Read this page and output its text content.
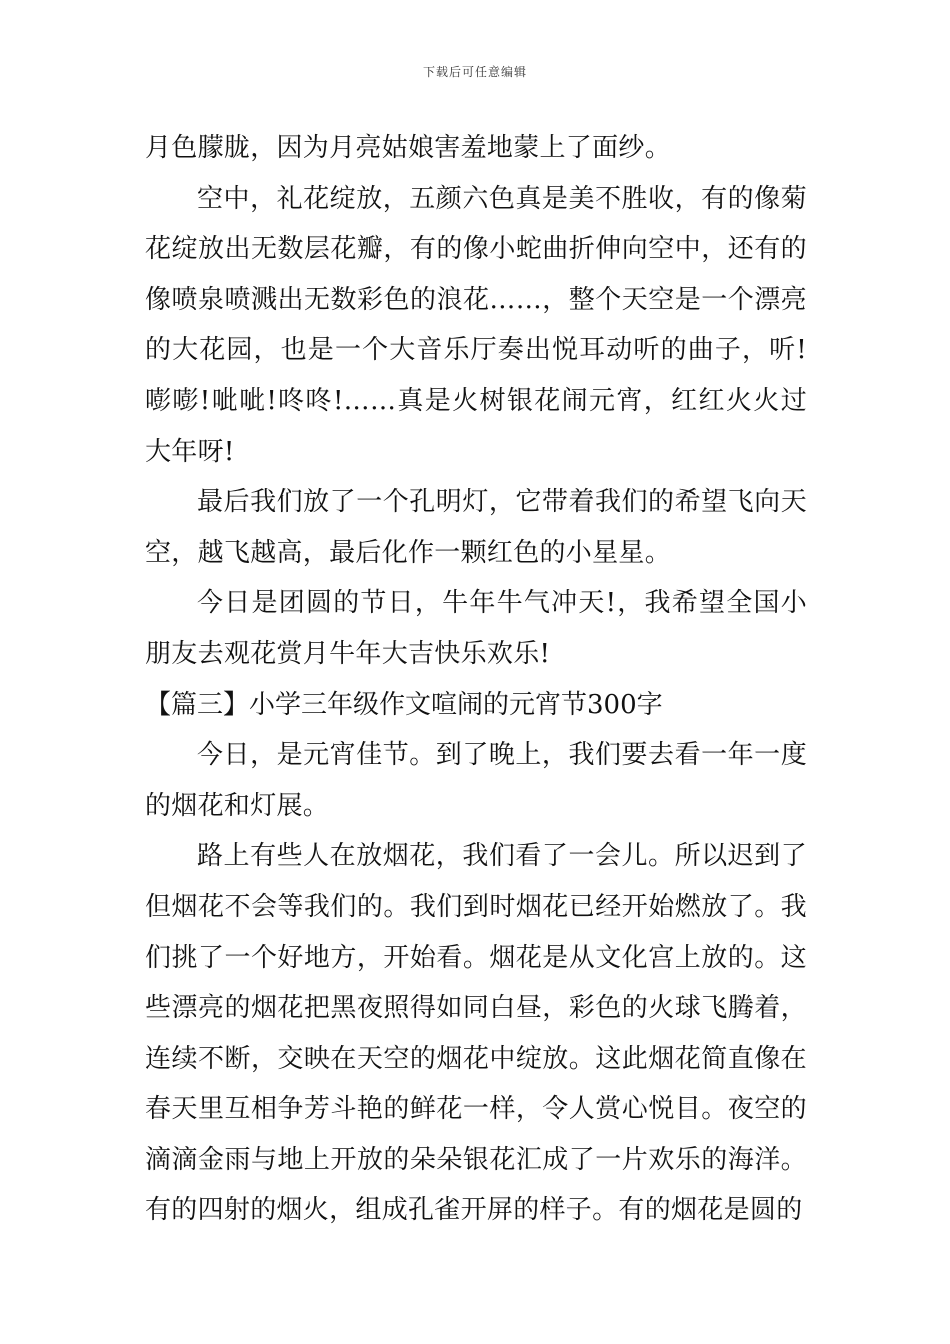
下载后可任意编辑

月色朦胧，因为月亮姑娘害羞地蒙上了面纱。

空中，礼花绽放，五颜六色真是美不胜收，有的像菊花绽放出无数层花瓣，有的像小蛇曲折伸向空中，还有的像喷泉喷溅出无数彩色的浪花……，整个天空是一个漂亮的大花园，也是一个大音乐厅奏出悦耳动听的曲子，听!嘭嘭!呲呲!咚咚!……真是火树银花闹元宵，红红火火过大年呀!

最后我们放了一个孔明灯，它带着我们的希望飞向天空，越飞越高，最后化作一颗红色的小星星。

今日是团圆的节日，牛年牛气冲天!，我希望全国小朋友去观花赏月牛年大吉快乐欢乐!

【篇三】小学三年级作文喧闹的元宵节300字

今日，是元宵佳节。到了晚上，我们要去看一年一度的烟花和灯展。

路上有些人在放烟花，我们看了一会儿。所以迟到了但烟花不会等我们的。我们到时烟花已经开始燃放了。我们挑了一个好地方，开始看。烟花是从文化宫上放的。这些漂亮的烟花把黑夜照得如同白昼，彩色的火球飞腾着，连续不断，交映在天空的烟花中绽放。这此烟花简直像在春天里互相争芳斗艳的鲜花一样，令人赏心悦目。夜空的滴滴金雨与地上开放的朵朵银花汇成了一片欢乐的海洋。有的四射的烟火，组成孔雀开屏的样子。有的烟花是圆的
